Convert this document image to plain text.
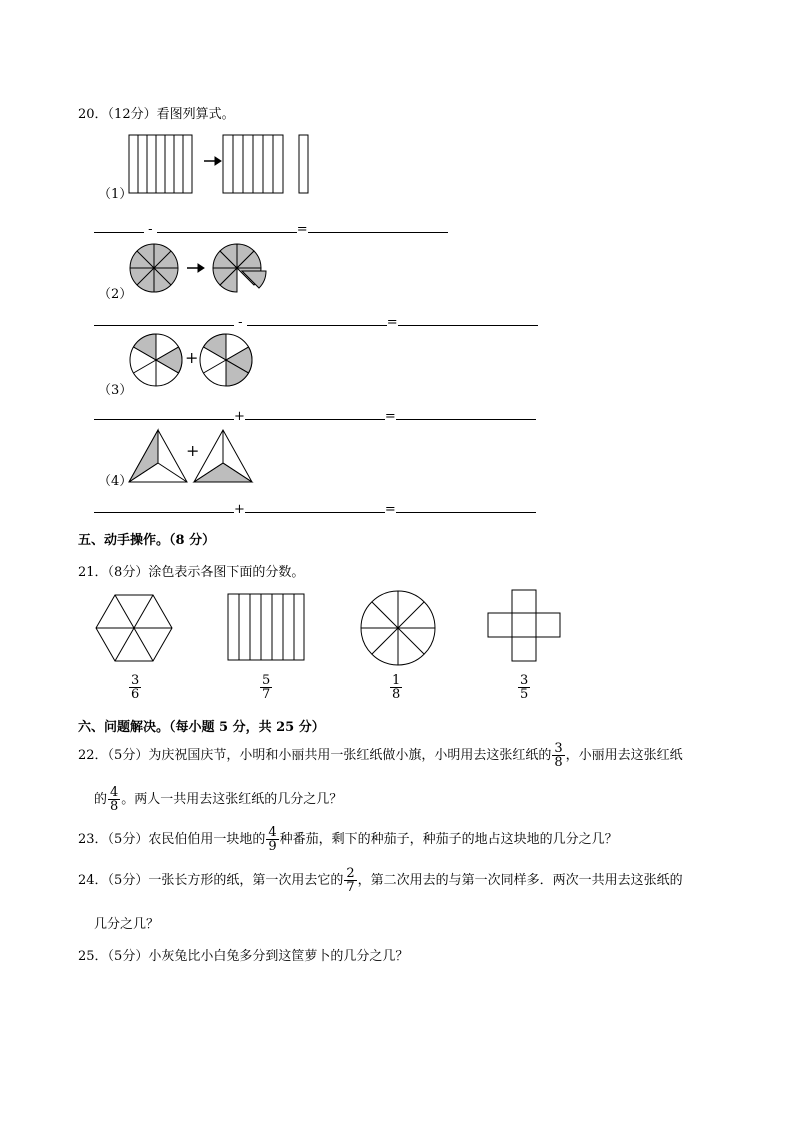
20．（12分）看图列算式。
（1）
-	=
（2）
-	=
+
（3）
+	=
+
（4）
+	=
五、动手操作。（8 分）
21．（8分）涂色表示各图下面的分数。
$\frac{3}{6}$	$\frac{5}{7}$	$\frac{1}{8}$	$\frac{3}{5}$
六、问题解决。（每小题 5 分，共 25 分）
22．（5分）为庆祝国庆节，小明和小丽共用一张红纸做小旗，小明用去这张红纸的 $\frac{3}{8}$ ，小丽用去这张红纸
的 $\frac{4}{8}$ 。两人一共用去这张红纸的几分之几？
23．（5分）农民伯伯用一块地的 $\frac{4}{9}$ 种番茄，剩下的种茄子，种茄子的地占这块地的几分之几？
24．（5分）一张长方形的纸，第一次用去它的 $\frac{2}{7}$ ，第二次用去的与第一次同样多．两次一共用去这张纸的
几分之几？
25．（5分）小灰兔比小白兔多分到这筐萝卜的几分之几？
